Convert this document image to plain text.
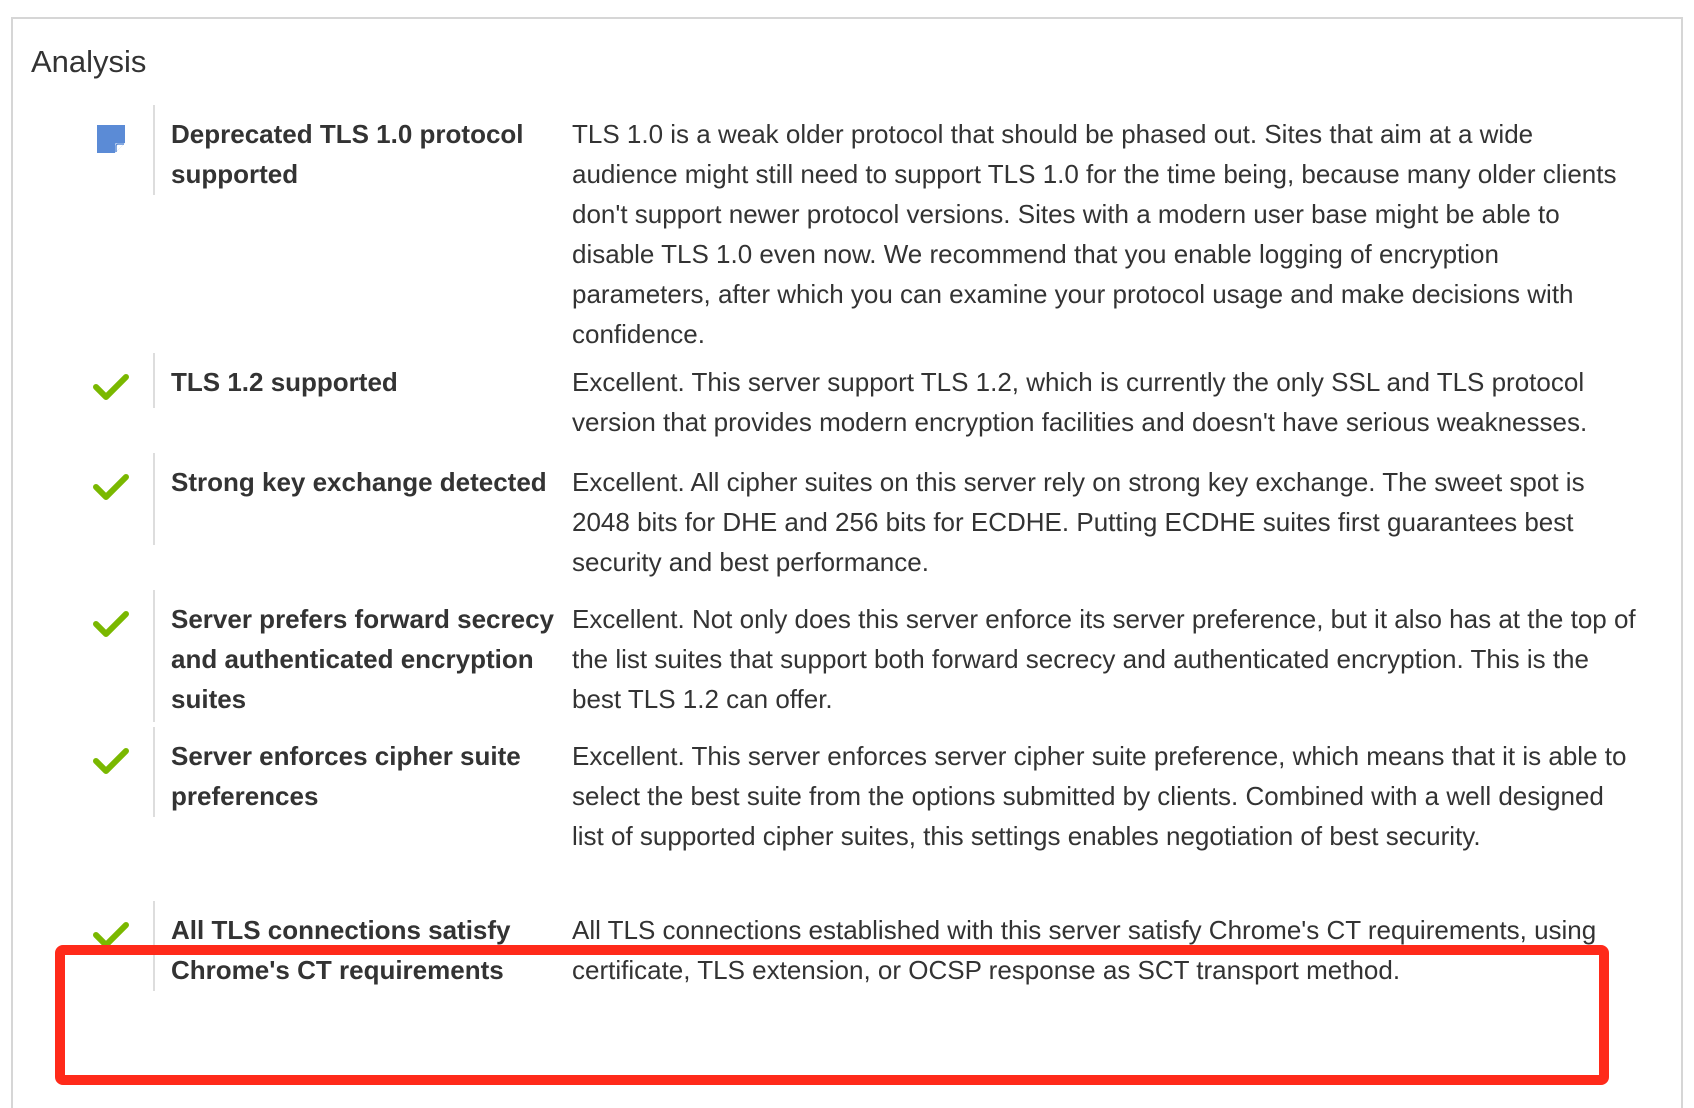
Analysis
Deprecated TLS 1.0 protocol supported
TLS 1.0 is a weak older protocol that should be phased out. Sites that aim at a wide audience might still need to support TLS 1.0 for the time being, because many older clients don't support newer protocol versions. Sites with a modern user base might be able to disable TLS 1.0 even now. We recommend that you enable logging of encryption parameters, after which you can examine your protocol usage and make decisions with confidence.
TLS 1.2 supported	Excellent. This server support TLS 1.2, which is currently the only SSL and TLS protocol version that provides modern encryption facilities and doesn't have serious weaknesses.
Strong key exchange detected Excellent. All cipher suites on this server rely on strong key exchange. The sweet spot is 2048 bits for DHE and 256 bits for ECDHE. Putting ECDHE suites first guarantees best security and best performance.
Server prefers forward secrecy and authenticated encryption suites
Excellent. Not only does this server enforce its server preference, but it also has at the top of the list suites that support both forward secrecy and authenticated encryption. This is the best TLS 1.2 can offer.
Server enforces cipher suite preferences
Excellent. This server enforces server cipher suite preference, which means that it is able to select the best suite from the options submitted by clients. Combined with a well designed list of supported cipher suites, this settings enables negotiation of best security.
All TLS connections satisfy Chrome's CT requirements
All TLS connections established with this server satisfy Chrome's CT requirements, using certificate, TLS extension, or OCSP response as SCT transport method.
